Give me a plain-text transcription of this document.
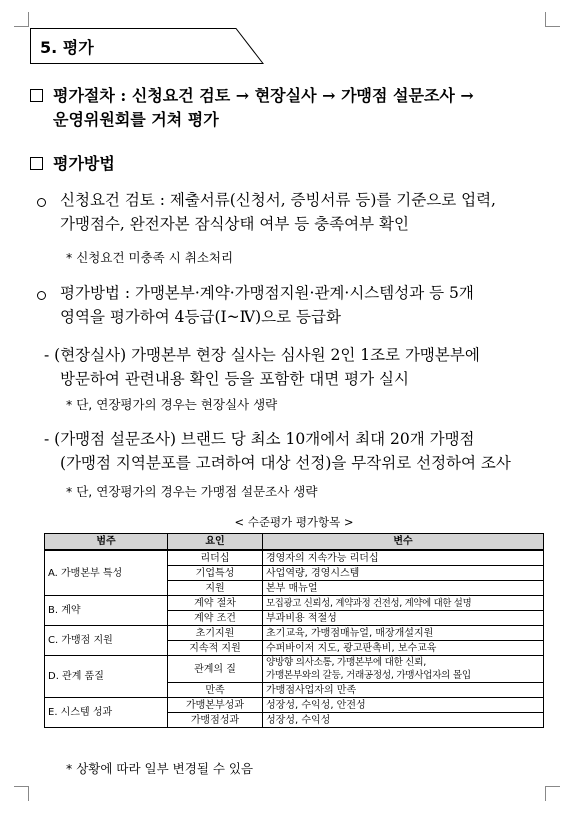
5. 평가
평가절차 : 신청요건 검토 → 현장실사 → 가맹점 설문조사 →
운영위원회를 거쳐 평가
평가방법
신청요건 검토 : 제출서류(신청서, 증빙서류 등)를 기준으로 업력,
가맹점수, 완전자본 잠식상태 여부 등 충족여부 확인
* 신청요건 미충족 시 취소처리
평가방법 : 가맹본부·계약·가맹점지원·관계·시스템성과 등 5개
영역을 평가하여 4등급(Ⅰ~Ⅳ)으로 등급화
- (현장실사) 가맹본부 현장 실사는 심사원 2인 1조로 가맹본부에
방문하여 관련내용 확인 등을 포함한 대면 평가 실시
* 단, 연장평가의 경우는 현장실사 생략
- (가맹점 설문조사) 브랜드 당 최소 10개에서 최대 20개 가맹점
(가맹점 지역분포를 고려하여 대상 선정)을 무작위로 선정하여 조사
* 단, 연장평가의 경우는 가맹점 설문조사 생략
< 수준평가 평가항목 >
범주	요인	변수
A. 가맹본부 특성	리더십	경영자의 지속가능 리더십
	기업특성	사업역량, 경영시스템
	지원	본부 매뉴얼
B. 계약	계약 절차	모집광고 신뢰성, 계약과정 건전성, 계약에 대한 설명
	계약 조건	부과비용 적절성
C. 가맹점 지원	초기지원	초기교육, 가맹점매뉴얼, 매장개설지원
	지속적 지원	수퍼바이저 지도, 광고판촉비, 보수교육
D. 관계 품질	관계의 질	양방향 의사소통, 가맹본부에 대한 신뢰,
가맹본부와의 갈등, 거래공정성, 가맹사업자의 몰입

	만족	가맹점사업자의 만족
E. 시스템 성과	가맹본부성과	성장성, 수익성, 안전성
	가맹점성과	성장성, 수익성
* 상황에 따라 일부 변경될 수 있음
